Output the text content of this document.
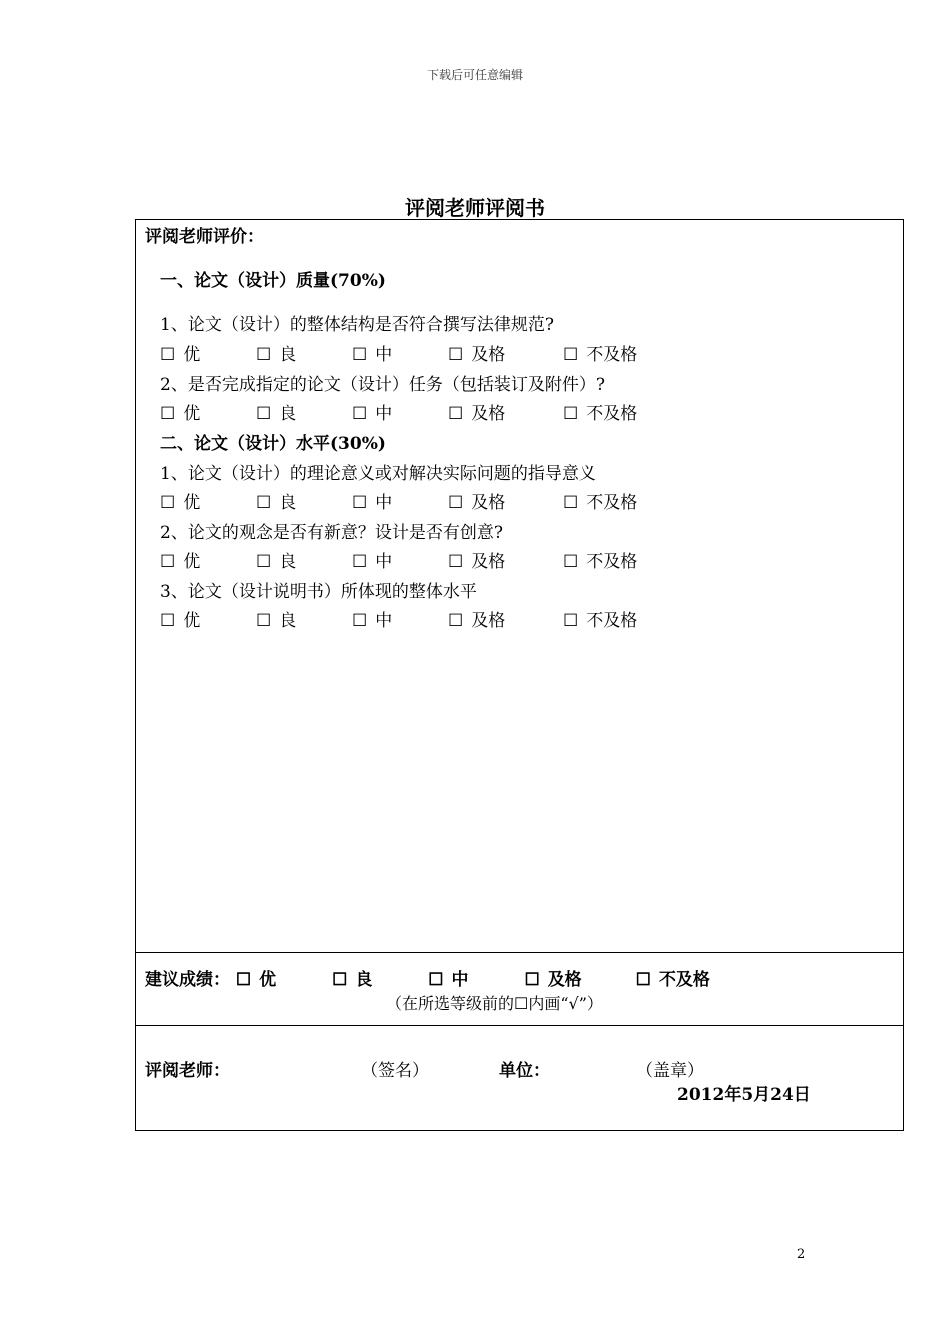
下载后可任意编辑
评阅老师评阅书
评阅老师评价：
一、论文（设计）质量(70%)
1、论文（设计）的整体结构是否符合撰写法律规范?
☐ 优	☐ 良	☐ 中	☐ 及格	☐ 不及格
2、是否完成指定的论文（设计）任务（包括装订及附件）?
☐ 优	☐ 良	☐ 中	☐ 及格	☐ 不及格
二、论文（设计）水平(30%)
1、论文（设计）的理论意义或对解决实际问题的指导意义
☐ 优	☐ 良	☐ 中	☐ 及格	☐ 不及格
2、论文的观念是否有新意？设计是否有创意?
☐ 优	☐ 良	☐ 中	☐ 及格	☐ 不及格
3、论文（设计说明书）所体现的整体水平
☐ 优	☐ 良	☐ 中	☐ 及格	☐ 不及格
建议成绩： ☐ 优	☐ 良	☐ 中	☐ 及格	☐ 不及格
（在所选等级前的☐内画“√”）
评阅老师：	（签名）	单位：	（盖章）
2012年5月24日
2
